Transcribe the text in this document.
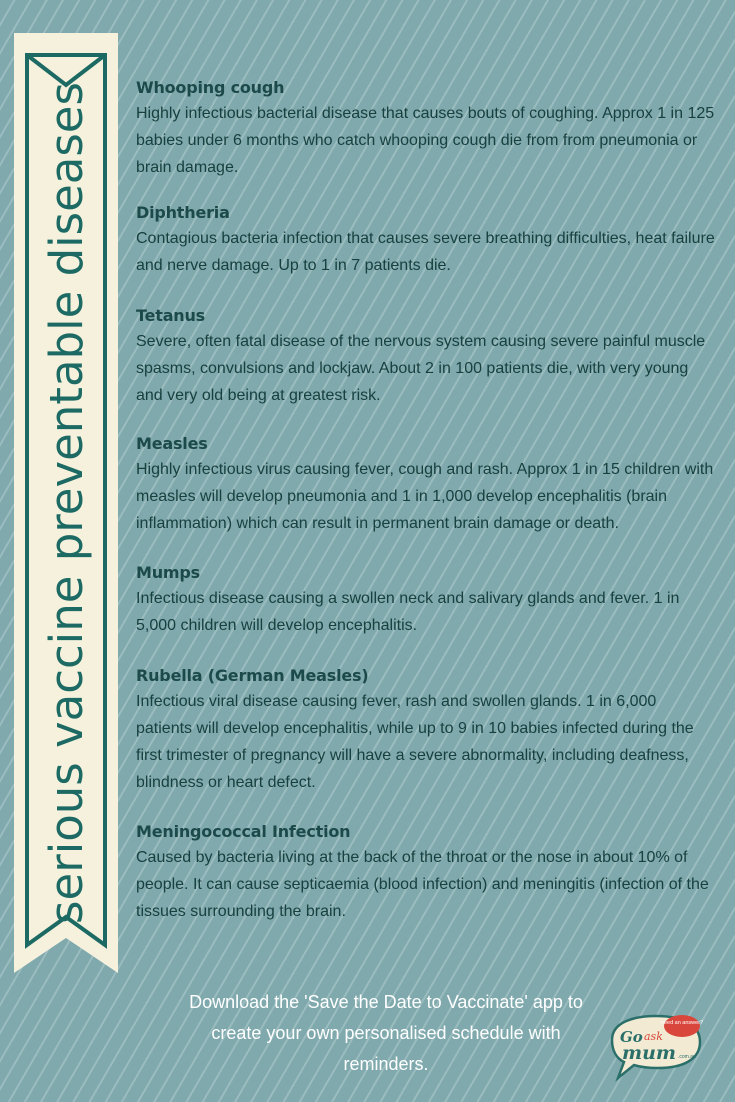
serious vaccine preventable diseases	Whooping cough
Highly infectious bacterial disease that causes bouts of coughing. Approx 1 in 125 babies under 6 months who catch whooping cough die from from pneumonia or brain damage.
Diphtheria
Contagious bacteria infection that causes severe breathing difficulties, heat failure and nerve damage. Up to 1 in 7 patients die.
Tetanus
Severe, often fatal disease of the nervous system causing severe painful muscle spasms, convulsions and lockjaw. About 2 in 100 patients die, with very young and very old being at greatest risk.
Measles
Highly infectious virus causing fever, cough and rash. Approx 1 in 15 children with measles will develop pneumonia and 1 in 1,000 develop encephalitis (brain inflammation) which can result in permanent brain damage or death.
Mumps
Infectious disease causing a swollen neck and salivary glands and fever. 1 in 5,000 children will develop encephalitis.
Rubella (German Measles)
Infectious viral disease causing fever, rash and swollen glands. 1 in 6,000 patients will develop encephalitis, while up to 9 in 10 babies infected during the first trimester of pregnancy will have a severe abnormality, including deafness, blindness or heart defect.
Meningococcal Infection
Caused by bacteria living at the back of the throat or the nose in about 10% of people. It can cause septicaemia (blood infection) and meningitis (infection of the tissues surrounding the brain.
Download the 'Save the Date to Vaccinate' app to create your own personalised schedule with reminders.
need an answer?
Go ask
mum .com.au
